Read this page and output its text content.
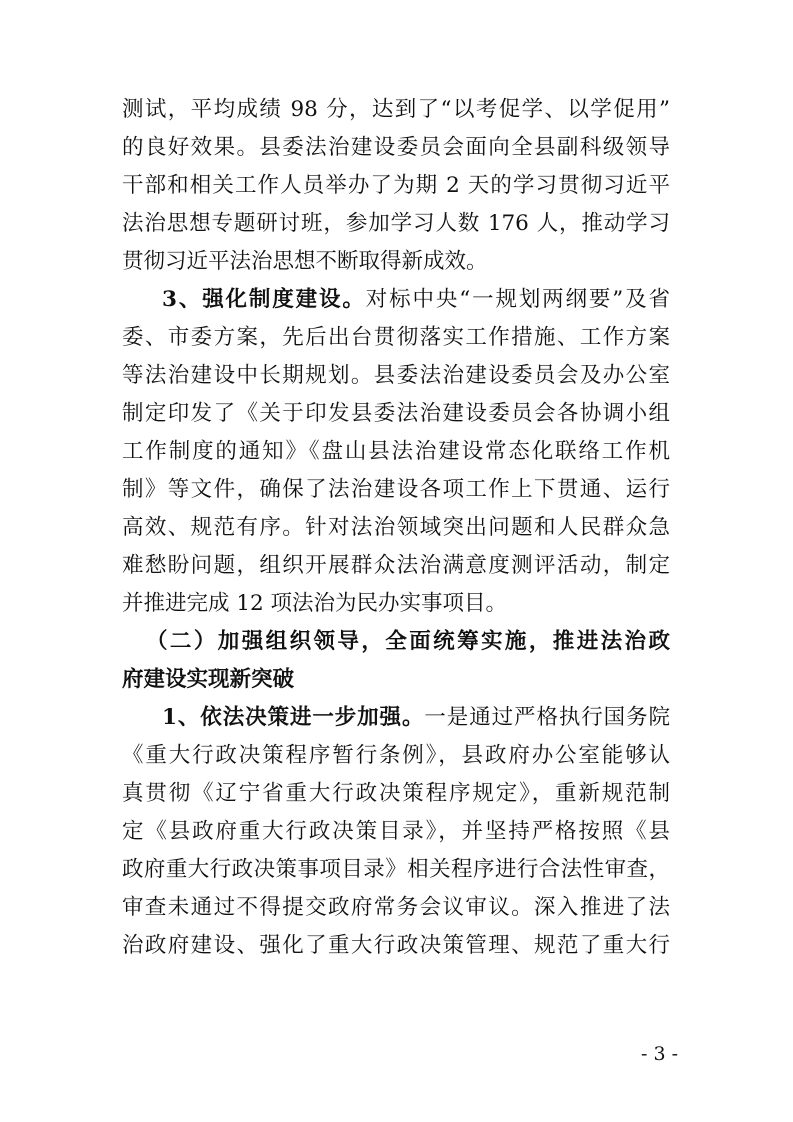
测试，平均成绩 98 分，达到了“以考促学、以学促用”
的良好效果。县委法治建设委员会面向全县副科级领导
干部和相关工作人员举办了为期 2 天的学习贯彻习近平
法治思想专题研讨班，参加学习人数 176 人，推动学习
贯彻习近平法治思想不断取得新成效。
3、强化制度建设。对标中央“一规划两纲要”及省
委、市委方案，先后出台贯彻落实工作措施、工作方案
等法治建设中长期规划。县委法治建设委员会及办公室
制定印发了《关于印发县委法治建设委员会各协调小组
工作制度的通知》《盘山县法治建设常态化联络工作机
制》等文件，确保了法治建设各项工作上下贯通、运行
高效、规范有序。针对法治领域突出问题和人民群众急
难愁盼问题，组织开展群众法治满意度测评活动，制定
并推进完成 12 项法治为民办实事项目。
（二）加强组织领导，全面统筹实施，推进法治政
府建设实现新突破
1、依法决策进一步加强。一是通过严格执行国务院
《重大行政决策程序暂行条例》，县政府办公室能够认
真贯彻《辽宁省重大行政决策程序规定》，重新规范制
定《县政府重大行政决策目录》，并坚持严格按照《县
政府重大行政决策事项目录》相关程序进行合法性审查，
审查未通过不得提交政府常务会议审议。深入推进了法
治政府建设、强化了重大行政决策管理、规范了重大行
- 3 -
